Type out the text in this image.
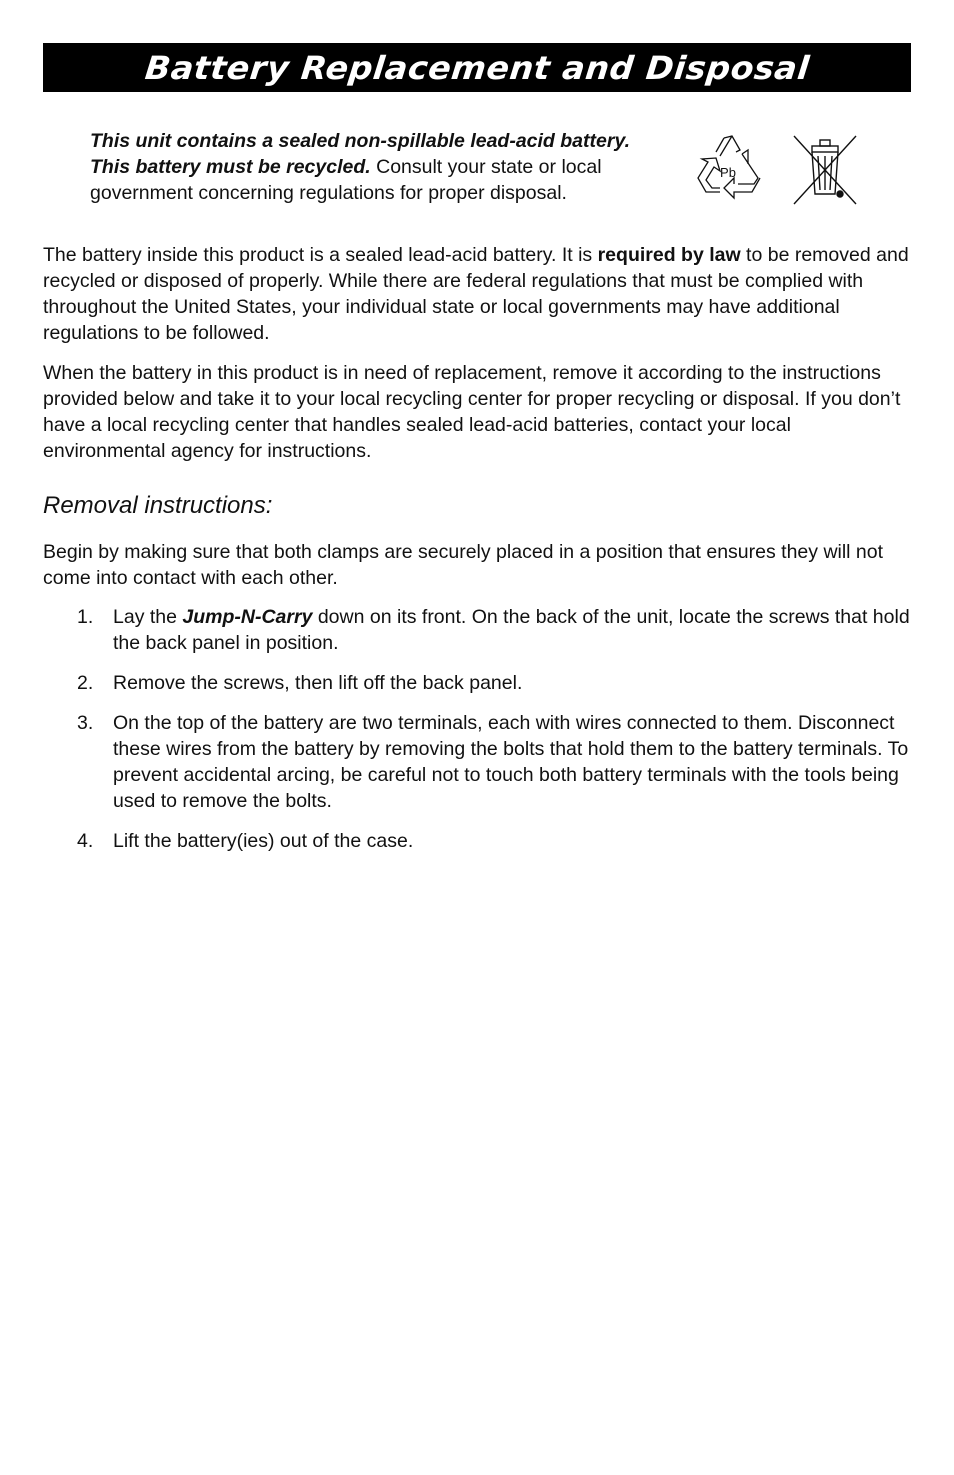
Battery Replacement and Disposal
This unit contains a sealed non-spillable lead-acid battery.
This battery must be recycled. Consult your state or local government concerning regulations for proper disposal.
Pb

The battery inside this product is a sealed lead-acid battery. It is required by law to be removed and recycled or disposed of properly. While there are federal regulations that must be complied with throughout the United States, your individual state or local governments may have additional regulations to be followed.

When the battery in this product is in need of replacement, remove it according to the instructions provided below and take it to your local recycling center for proper recycling or disposal. If you don’t have a local recycling center that handles sealed lead-acid batteries, contact your local environmental agency for instructions.

Removal instructions:

Begin by making sure that both clamps are securely placed in a position that ensures they will not come into contact with each other.

1.	Lay the Jump-N-Carry down on its front. On the back of the unit, locate the screws that hold the back panel in position.
2.	Remove the screws, then lift off the back panel.
3.	On the top of the battery are two terminals, each with wires connected to them. Disconnect these wires from the battery by removing the bolts that hold them to the battery terminals. To prevent accidental arcing, be careful not to touch both battery terminals with the tools being used to remove the bolts.
4.	Lift the battery(ies) out of the case.
